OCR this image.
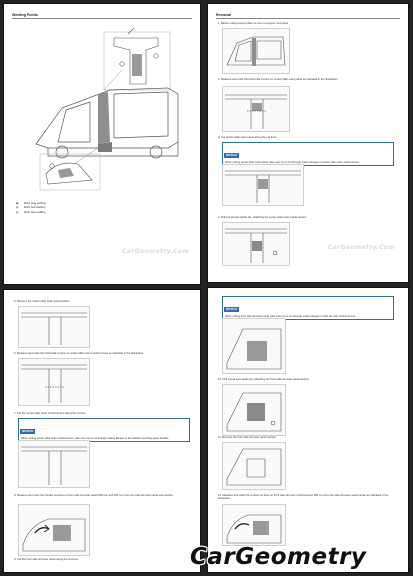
Welding Points
▣ MAG plug welding
▤ MAG butt welding
▥ MAG tack welding
CarGeometry.Com
Removal
1. Before cutting center pillar, be sure to support roof panel.
2. Measure and mark the horizontal cut line on center pillar outer panel as indicated in the illustration.
3. Cut center pillar outer panel along the cut lines.
NOTICE
When cutting center pillar outer panel, take care not to cut through mating flanges or center pillar outer reinforcement.
4. Drill out all spot welds (A), attaching the center pillar outer panel section.
CarGeometry.Com
5. Remove the center pillar outer panel section.
6. Measure and mark the horizontal cut line on center pillar outer reinforcement as indicated in the illustration.
7. Cut the center pillar outer reinforcement along the cut line.
NOTICE
When cutting center pillar outer reinforcement, take care not to cut through mating flanges or the welded mounting upper bracket.
8. Measure and mark the contact cut lines on front side sill outer panel 280 mm and 250 mm from the side sill outer panel joint section.
9. Cut the front side sill outer panel along the cut lines.
NOTICE
When cutting front side sill outer panel, take care not to cut through mating flanges or side sill outer reinforcement.
10. Drill out all spot welds (A), attaching the front side sill outer panel section.
11. Remove the front side sill outer panel section.
12. Measure and mark the contact cut lines on front side sill outer reinforcement 280 mm from the side sill outer panel center as indicated in the illustration.
CarGeometry
